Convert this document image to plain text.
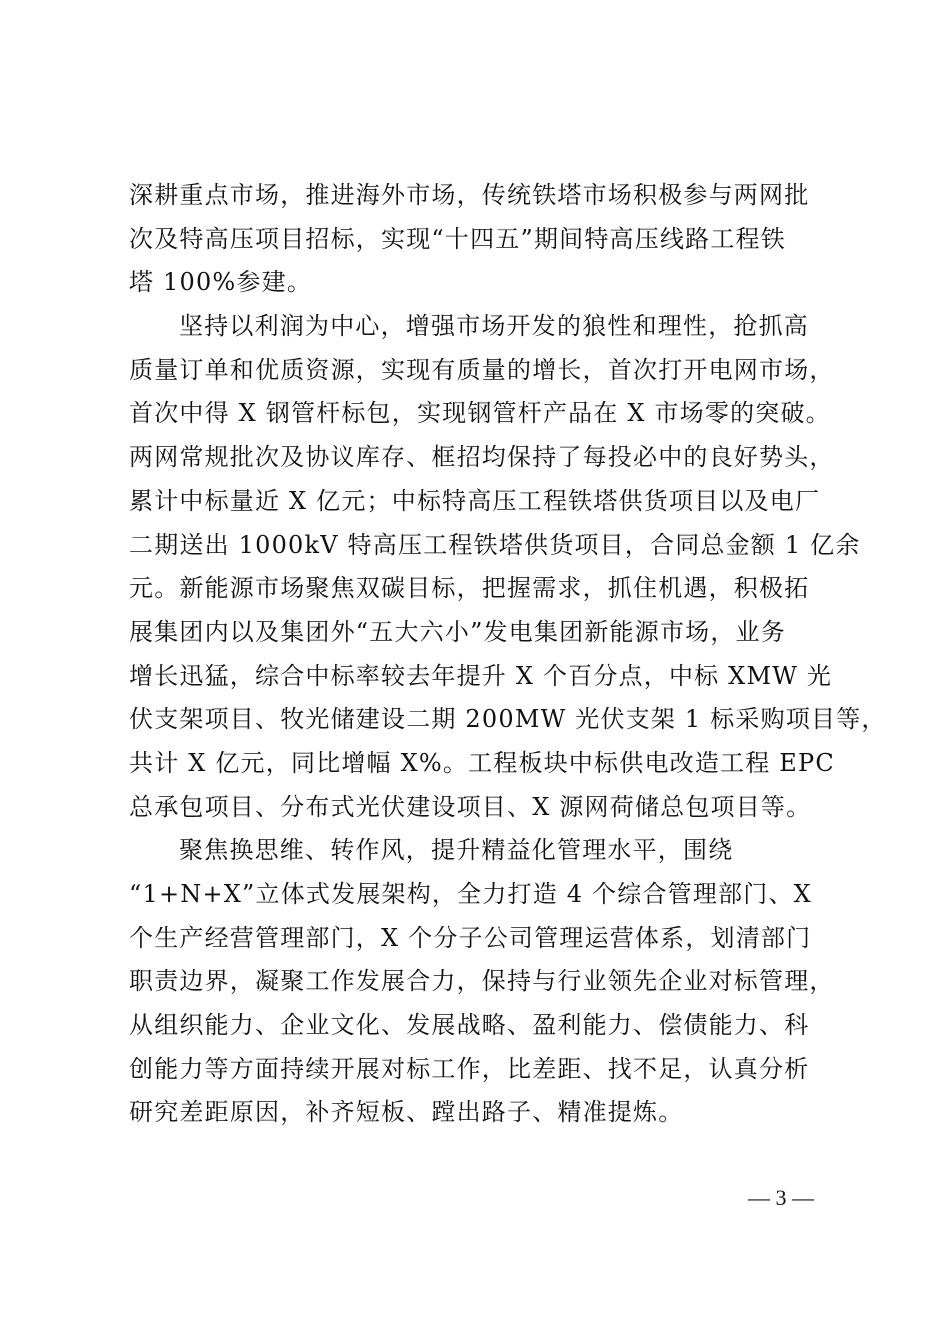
深耕重点市场，推进海外市场，传统铁塔市场积极参与两网批
次及特高压项目招标，实现“十四五”期间特高压线路工程铁
塔 100%参建。
坚持以利润为中心，增强市场开发的狼性和理性，抢抓高
质量订单和优质资源，实现有质量的增长，首次打开电网市场，
首次中得 X 钢管杆标包，实现钢管杆产品在 X 市场零的突破。
两网常规批次及协议库存、框招均保持了每投必中的良好势头，
累计中标量近 X 亿元；中标特高压工程铁塔供货项目以及电厂
二期送出 1000kV 特高压工程铁塔供货项目，合同总金额 1 亿余
元。新能源市场聚焦双碳目标，把握需求，抓住机遇，积极拓
展集团内以及集团外“五大六小”发电集团新能源市场，业务
增长迅猛，综合中标率较去年提升 X 个百分点，中标 XMW 光
伏支架项目、牧光储建设二期 200MW 光伏支架 1 标采购项目等，
共计 X 亿元，同比增幅 X%。工程板块中标供电改造工程 EPC
总承包项目、分布式光伏建设项目、X 源网荷储总包项目等。
聚焦换思维、转作风，提升精益化管理水平，围绕
“1+N+X”立体式发展架构，全力打造 4 个综合管理部门、X
个生产经营管理部门，X 个分子公司管理运营体系，划清部门
职责边界，凝聚工作发展合力，保持与行业领先企业对标管理，
从组织能力、企业文化、发展战略、盈利能力、偿债能力、科
创能力等方面持续开展对标工作，比差距、找不足，认真分析
研究差距原因，补齐短板、蹚出路子、精准提炼。
— 3 —
